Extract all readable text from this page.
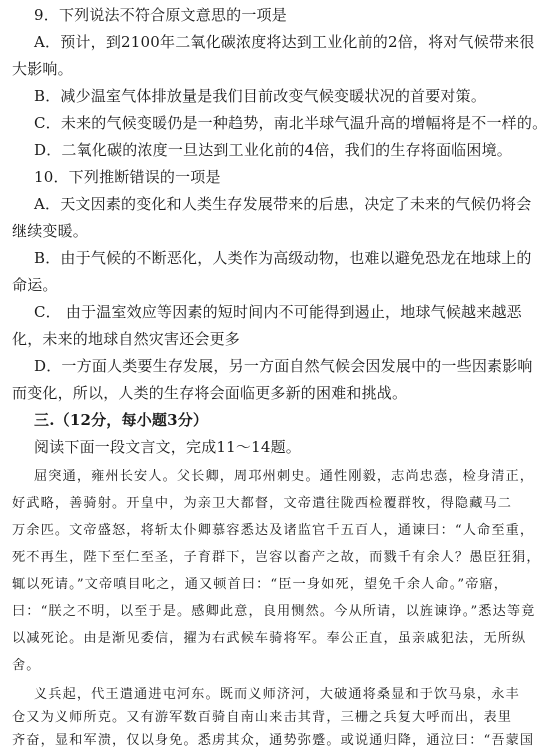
9．下列说法不符合原文意思的一项是
A．预计，到2100年二氧化碳浓度将达到工业化前的2倍，将对气候带来很
大影响。
B．减少温室气体排放量是我们目前改变气候变暖状况的首要对策。
C．未来的气候变暖仍是一种趋势，南北半球气温升高的增幅将是不一样的。
D．二氧化碳的浓度一旦达到工业化前的4倍，我们的生存将面临困境。
10．下列推断错误的一项是
A．天文因素的变化和人类生存发展带来的后患，决定了未来的气候仍将会
继续变暖。
B．由于气候的不断恶化，人类作为高级动物，也难以避免恐龙在地球上的
命运。
C． 由于温室效应等因素的短时间内不可能得到遏止，地球气候越来越恶
化，未来的地球自然灾害还会更多
D．一方面人类要生存发展，另一方面自然气候会因发展中的一些因素影响
而变化，所以，人类的生存将会面临更多新的困难和挑战。
三.（12分，每小题3分）
阅读下面一段文言文，完成11～14题。
屈突通，雍州长安人。父长卿，周邛州刺史。通性刚毅，志尚忠悫，检身清正，
好武略，善骑射。开皇中，为亲卫大都督，文帝遣往陇西检覆群牧，得隐藏马二
万余匹。文帝盛怒，将斩太仆卿慕容悉达及诸监官千五百人，通谏曰：“人命至重，
死不再生，陛下至仁至圣，子育群下，岂容以畜产之故，而戮千有余人？愚臣狂狷，
辄以死请。”文帝嗔目叱之，通又顿首曰：“臣一身如死，望免千余人命。”帝寤，
曰：“朕之不明，以至于是。感卿此意，良用恻然。今从所请，以旌谏诤。”悉达等竟
以减死论。由是渐见委信，擢为右武候车骑将军。奉公正直，虽亲戚犯法，无所纵
舍。
义兵起，代王遣通进屯河东。既而义师济河，大破通将桑显和于饮马泉，永丰
仓又为义师所克。又有游军数百骑自南山来击其背，三栅之兵复大呼而出，表里
齐奋，显和军溃，仅以身免。悉虏其众，通势弥蹙。或说通归降，通泣曰：“吾蒙国
